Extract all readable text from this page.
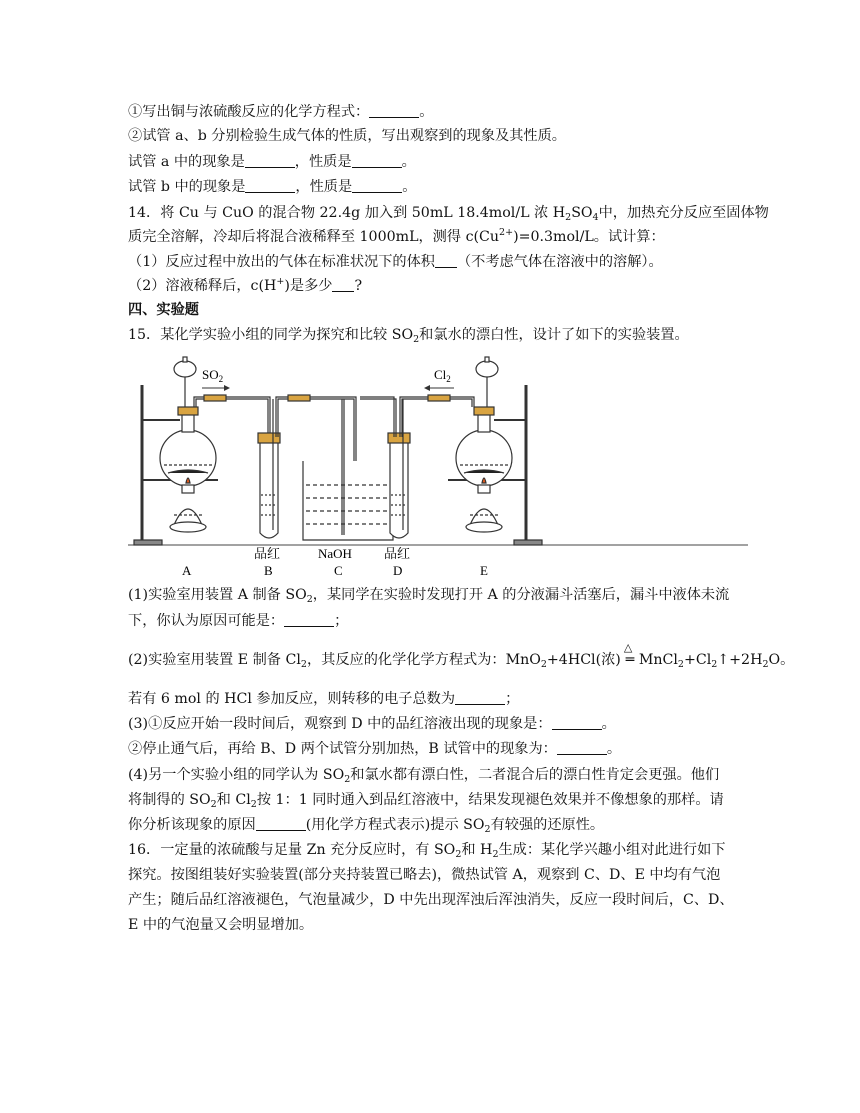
①写出铜与浓硫酸反应的化学方程式：	。
②试管 a、b 分别检验生成气体的性质，写出观察到的现象及其性质。
试管 a 中的现象是	，性质是	。
试管 b 中的现象是	，性质是	。
14．将 Cu 与 CuO 的混合物 22.4g 加入到 50mL 18.4mol/L 浓 $H_2SO_4$中，加热充分反应至固体物
质完全溶解，冷却后将混合液稀释至 1000mL，测得 $c(Cu^{2+})=0.3mol/L$。试计算：
（1）反应过程中放出的气体在标准状况下的体积 （不考虑气体在溶液中的溶解）。
（2）溶液稀释后，c(H+)是多少 ?
四、实验题
15．某化学实验小组的同学为探究和比较 $SO_2$和氯水的漂白性，设计了如下的实验装置。
$SO_2$	$Cl_2$
品红	NaOH 品红
A	B	C	D	E
(1)实验室用装置 A 制备 $SO_2$，某同学在实验时发现打开 A 的分液漏斗活塞后，漏斗中液体未流
下，你认为原因可能是：	；
(2)实验室用装置 E 制备 $Cl_2$，其反应的化学化学方程式为：MnO$_2$+4HCl(浓)
△
═ $MnCl_2+Cl_2↑+2H_2O$。
若有 6 mol 的 HCl 参加反应，则转移的电子总数为	；
(3)①反应开始一段时间后，观察到 D 中的品红溶液出现的现象是：	。
②停止通气后，再给 B、D 两个试管分别加热，B 试管中的现象为：	。
(4)另一个实验小组的同学认为 $SO_2$和氯水都有漂白性，二者混合后的漂白性肯定会更强。他们
将制得的 $SO_2$和 $Cl_2$按 1：1 同时通入到品红溶液中，结果发现褪色效果并不像想象的那样。请
你分析该现象的原因	(用化学方程式表示)提示 $SO_2$有较强的还原性。
16．一定量的浓硫酸与足量 Zn 充分反应时，有 $SO_2$和 $H_2$生成：某化学兴趣小组对此进行如下
探究。按图组装好实验装置(部分夹持装置已略去)，微热试管 A，观察到 C、D、E 中均有气泡
产生；随后品红溶液褪色，气泡量减少，D 中先出现浑浊后浑浊消失，反应一段时间后，C、D、
E 中的气泡量又会明显增加。
